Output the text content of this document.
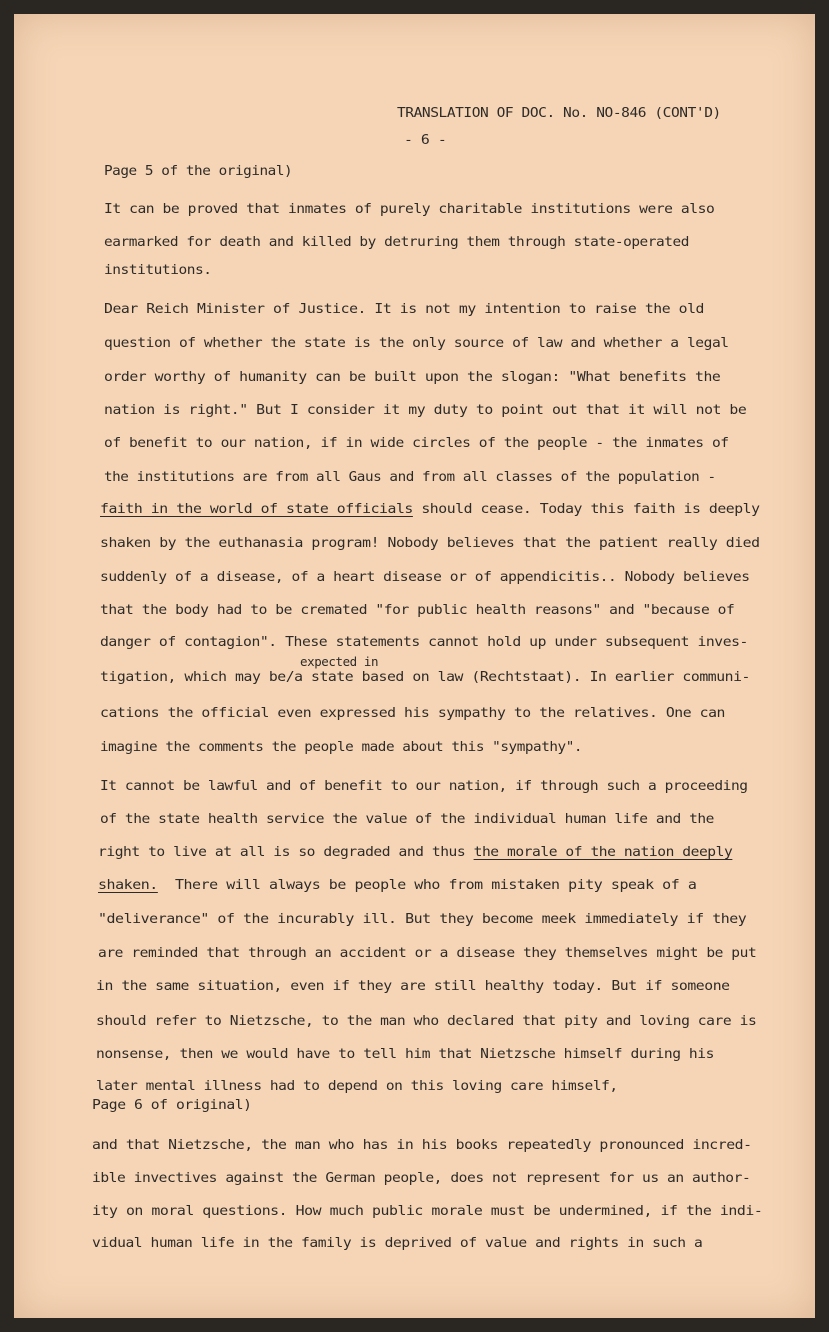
TRANSLATION OF DOC. No. NO-846 (CONT'D)
- 6 -
Page 5 of the original)
It can be proved that inmates of purely charitable institutions were also
earmarked for death and killed by detruring them through state-operated
institutions.
Dear Reich Minister of Justice. It is not my intention to raise the old
question of whether the state is the only source of law and whether a legal
order worthy of humanity can be built upon the slogan: "What benefits the
nation is right." But I consider it my duty to point out that it will not be
of benefit to our nation, if in wide circles of the people - the inmates of
the institutions are from all Gaus and from all classes of the population -
faith in the world of state officials should cease. Today this faith is deeply
shaken by the euthanasia program! Nobody believes that the patient really died
suddenly of a disease, of a heart disease or of appendicitis.. Nobody believes
that the body had to be cremated "for public health reasons" and "because of
danger of contagion". These statements cannot hold up under subsequent inves-
expected in
tigation, which may be/a state based on law (Rechtstaat). In earlier communi-
cations the official even expressed his sympathy to the relatives. One can
imagine the comments the people made about this "sympathy".
It cannot be lawful and of benefit to our nation, if through such a proceeding
of the state health service the value of the individual human life and the
right to live at all is so degraded and thus the morale of the nation deeply
shaken.  There will always be people who from mistaken pity speak of a
"deliverance" of the incurably ill. But they become meek immediately if they
are reminded that through an accident or a disease they themselves might be put
in the same situation, even if they are still healthy today. But if someone
should refer to Nietzsche, to the man who declared that pity and loving care is
nonsense, then we would have to tell him that Nietzsche himself during his
later mental illness had to depend on this loving care himself,
Page 6 of original)
and that Nietzsche, the man who has in his books repeatedly pronounced incred-
ible invectives against the German people, does not represent for us an author-
ity on moral questions. How much public morale must be undermined, if the indi-
vidual human life in the family is deprived of value and rights in such a
